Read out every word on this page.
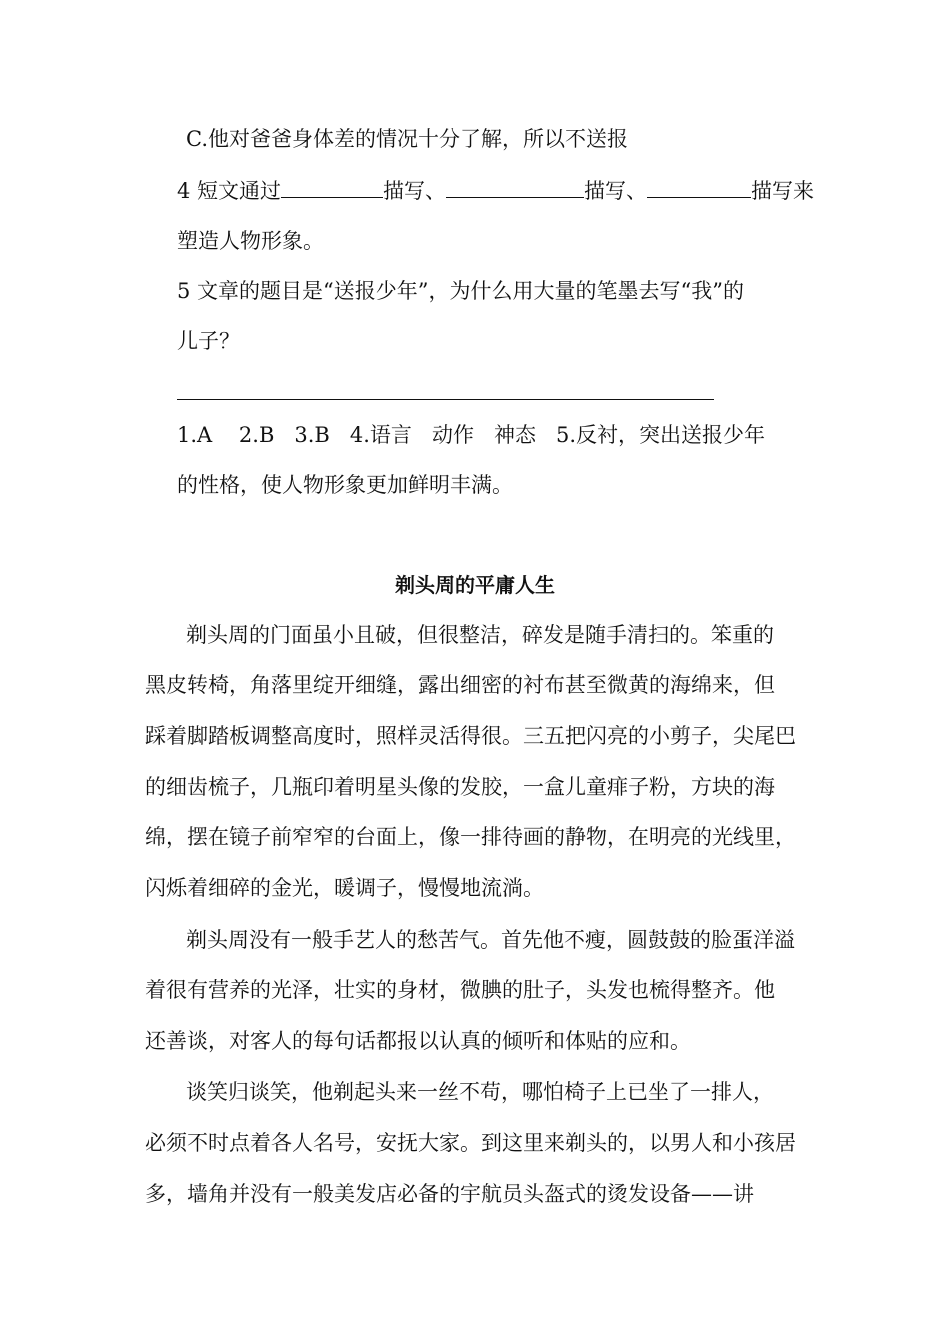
C.他对爸爸身体差的情况十分了解，所以不送报
4 短文通过	描写、	描写、	描写来
塑造人物形象。
5 文章的题目是“送报少年”，为什么用大量的笔墨去写“我”的
儿子？
1.A    2.B   3.B   4.语言   动作   神态   5.反衬，突出送报少年
的性格，使人物形象更加鲜明丰满。
剃头周的平庸人生
剃头周的门面虽小且破，但很整洁，碎发是随手清扫的。笨重的
黑皮转椅，角落里绽开细缝，露出细密的衬布甚至微黄的海绵来，但
踩着脚踏板调整高度时，照样灵活得很。三五把闪亮的小剪子，尖尾巴
的细齿梳子，几瓶印着明星头像的发胶，一盒儿童痱子粉，方块的海
绵，摆在镜子前窄窄的台面上，像一排待画的静物，在明亮的光线里，
闪烁着细碎的金光，暖调子，慢慢地流淌。
剃头周没有一般手艺人的愁苦气。首先他不瘦，圆鼓鼓的脸蛋洋溢
着很有营养的光泽，壮实的身材，微腆的肚子，头发也梳得整齐。他
还善谈，对客人的每句话都报以认真的倾听和体贴的应和。
谈笑归谈笑，他剃起头来一丝不苟，哪怕椅子上已坐了一排人，
必须不时点着各人名号，安抚大家。到这里来剃头的，以男人和小孩居
多，墙角并没有一般美发店必备的宇航员头盔式的烫发设备——讲
